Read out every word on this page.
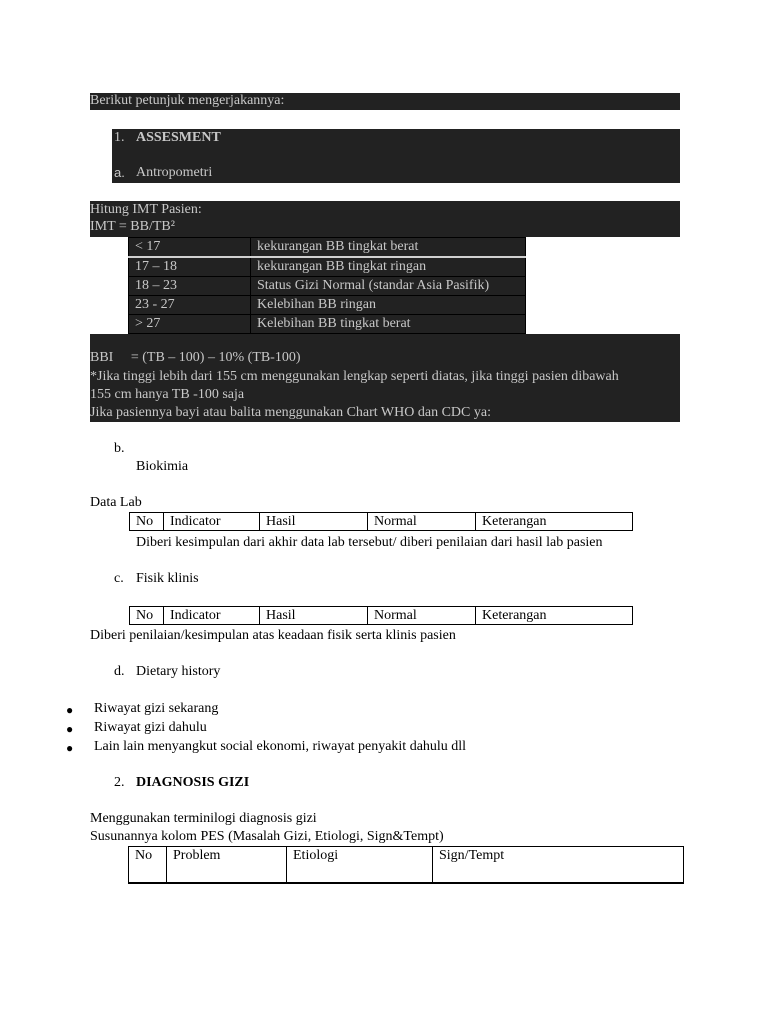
Berikut petunjuk mengerjakannya:
1. ASSESMENT
a. Antropometri
Hitung IMT Pasien:
IMT = BB/TB²
< 17	kekurangan BB tingkat berat
17 – 18	kekurangan BB tingkat ringan
18 – 23	Status Gizi Normal (standar Asia Pasifik)
23 - 27	Kelebihan BB ringan
> 27	Kelebihan BB tingkat berat
BBI     = (TB – 100) – 10% (TB-100)
*Jika tinggi lebih dari 155 cm menggunakan lengkap seperti diatas, jika tinggi pasien dibawah
155 cm hanya TB -100 saja
Jika pasiennya bayi atau balita menggunakan Chart WHO dan CDC ya:
b.
Biokimia
Data Lab
No	Indicator	Hasil	Normal	Keterangan
Diberi kesimpulan dari akhir data lab tersebut/ diberi penilaian dari hasil lab pasien
c. Fisik klinis
No	Indicator	Hasil	Normal	Keterangan
Diberi penilaian/kesimpulan atas keadaan fisik serta klinis pasien
d. Dietary history
● Riwayat gizi sekarang
● Riwayat gizi dahulu
● Lain lain menyangkut social ekonomi, riwayat penyakit dahulu dll
2. DIAGNOSIS GIZI
Menggunakan terminilogi diagnosis gizi
Susunannya kolom PES (Masalah Gizi, Etiologi, Sign&Tempt)
No	Problem	Etiologi	Sign/Tempt
